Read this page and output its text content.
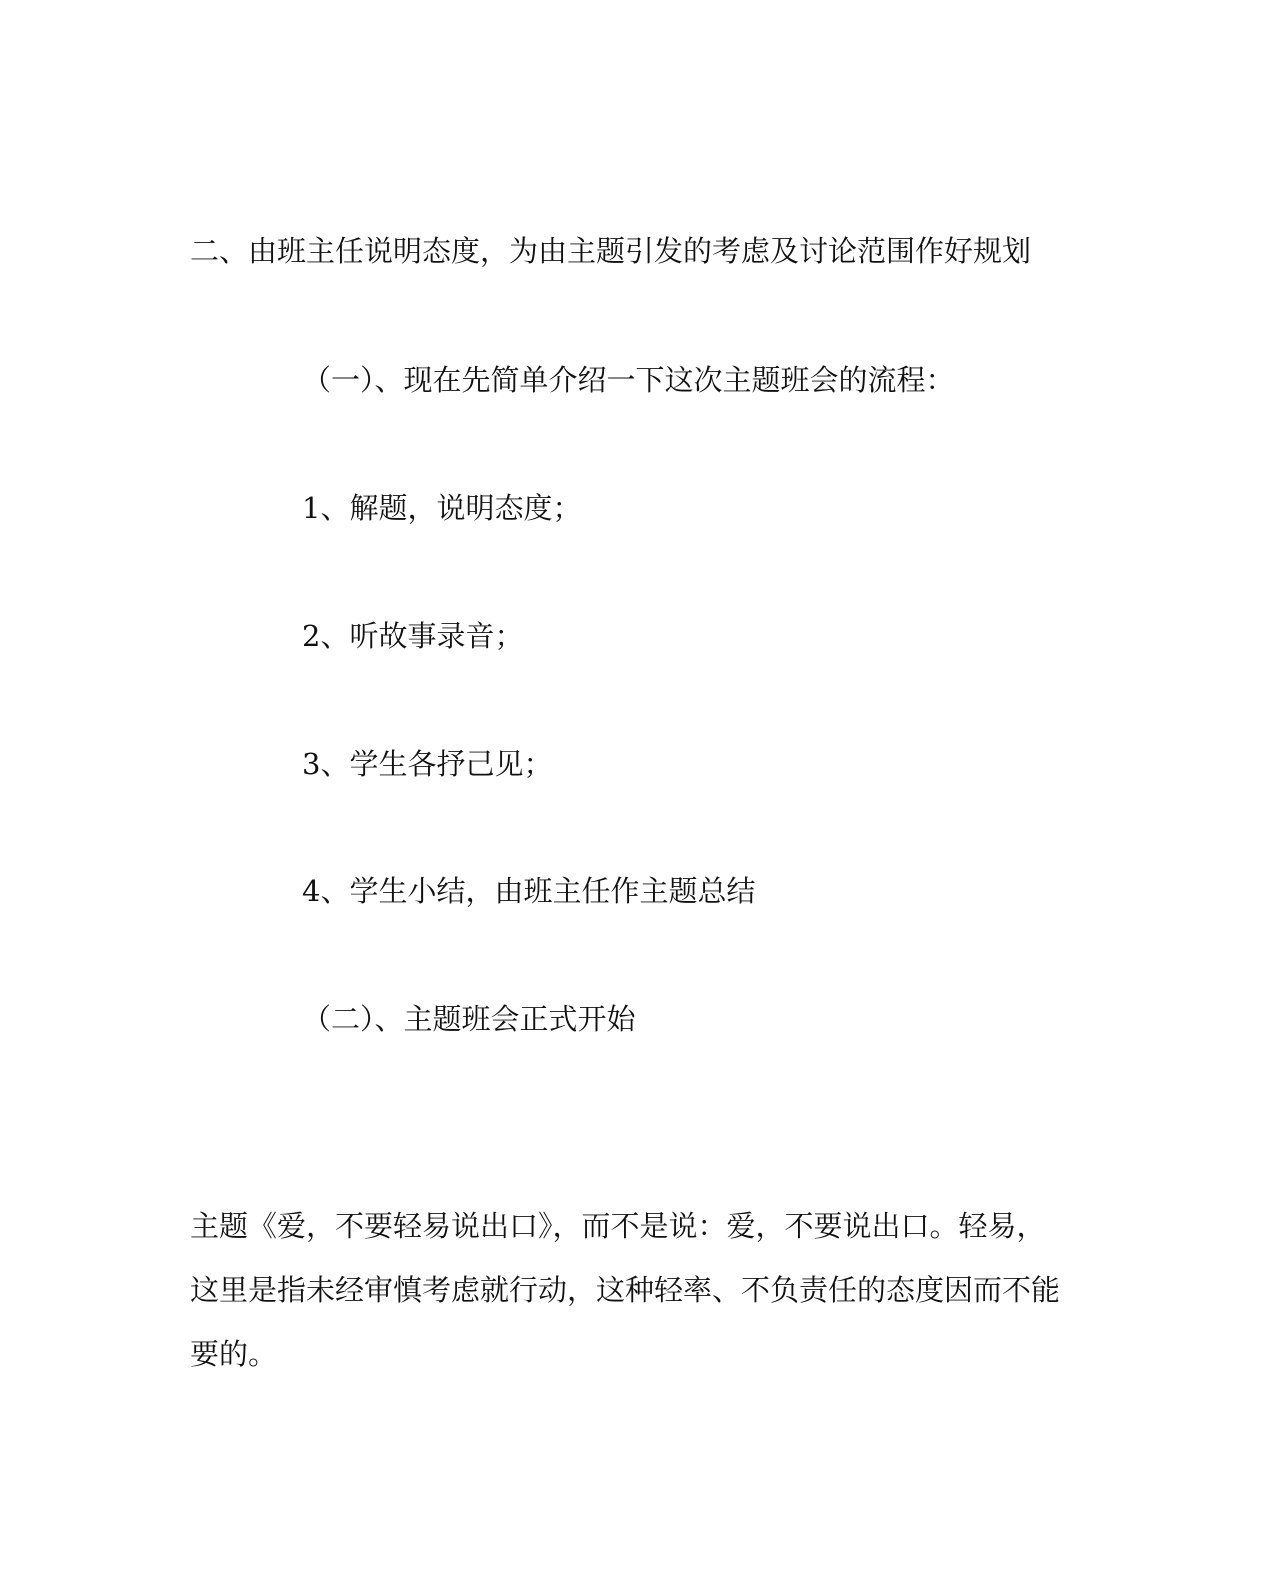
二、由班主任说明态度，为由主题引发的考虑及讨论范围作好规划
（一）、现在先简单介绍一下这次主题班会的流程：
1、解题，说明态度；
2、听故事录音；
3、学生各抒己见；
4、学生小结，由班主任作主题总结
（二）、主题班会正式开始
主题《爱，不要轻易说出口》，而不是说：爱，不要说出口。轻易，
这里是指未经审慎考虑就行动，这种轻率、不负责任的态度因而不能
要的。
